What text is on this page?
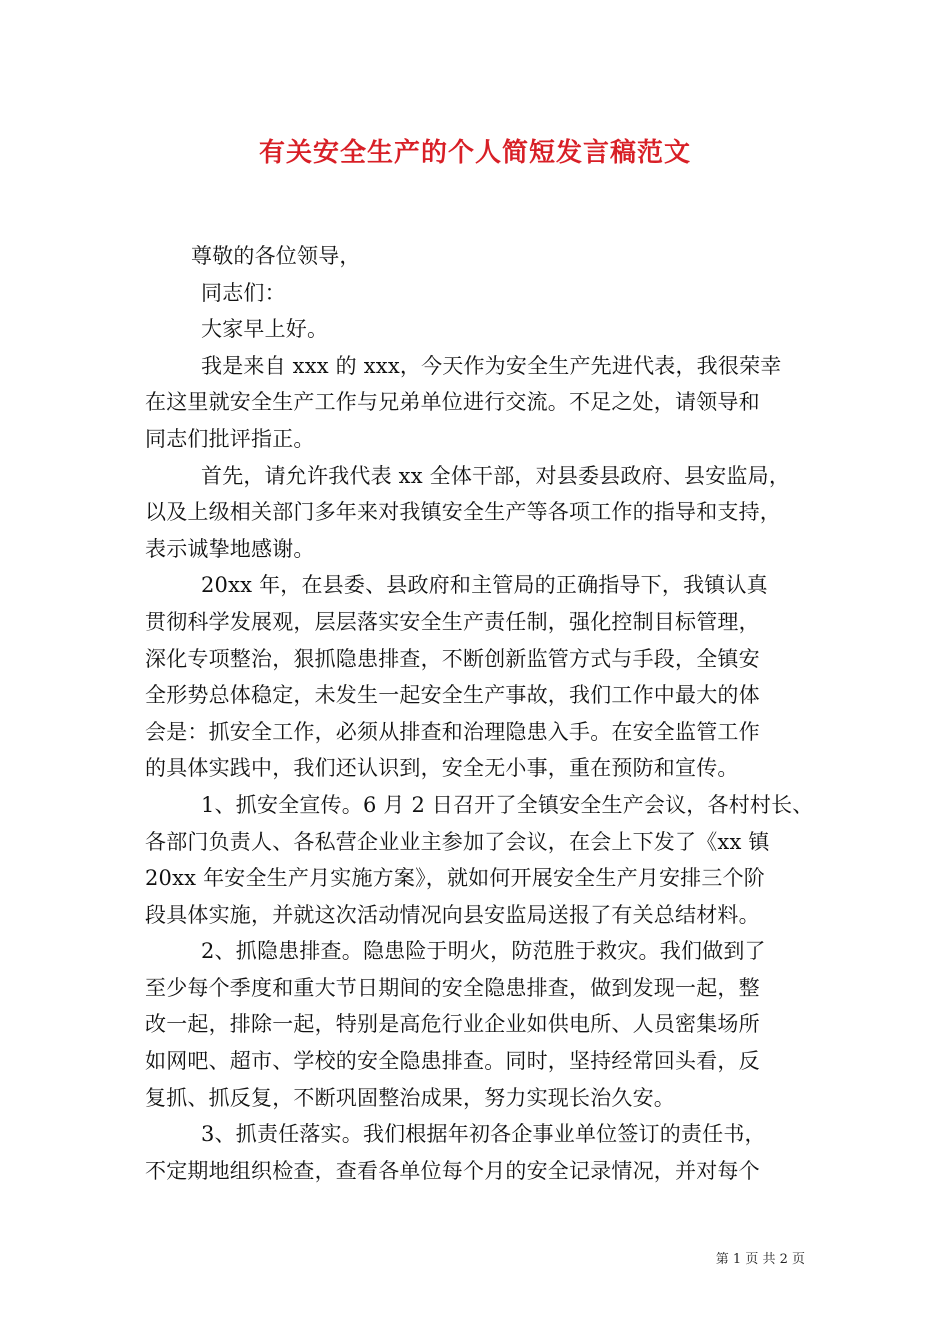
有关安全生产的个人简短发言稿范文
尊敬的各位领导，
同志们：
大家早上好。
我是来自 xxx 的 xxx，今天作为安全生产先进代表，我很荣幸
在这里就安全生产工作与兄弟单位进行交流。不足之处，请领导和
同志们批评指正。
首先，请允许我代表 xx 全体干部，对县委县政府、县安监局，
以及上级相关部门多年来对我镇安全生产等各项工作的指导和支持，
表示诚挚地感谢。
20xx 年，在县委、县政府和主管局的正确指导下，我镇认真
贯彻科学发展观，层层落实安全生产责任制，强化控制目标管理，
深化专项整治，狠抓隐患排查，不断创新监管方式与手段，全镇安
全形势总体稳定，未发生一起安全生产事故，我们工作中最大的体
会是：抓安全工作，必须从排查和治理隐患入手。在安全监管工作
的具体实践中，我们还认识到，安全无小事，重在预防和宣传。
1、抓安全宣传。6 月 2 日召开了全镇安全生产会议，各村村长、
各部门负责人、各私营企业业主参加了会议，在会上下发了《xx 镇
20xx 年安全生产月实施方案》，就如何开展安全生产月安排三个阶
段具体实施，并就这次活动情况向县安监局送报了有关总结材料。
2、抓隐患排查。隐患险于明火，防范胜于救灾。我们做到了
至少每个季度和重大节日期间的安全隐患排查，做到发现一起，整
改一起，排除一起，特别是高危行业企业如供电所、人员密集场所
如网吧、超市、学校的安全隐患排查。同时，坚持经常回头看，反
复抓、抓反复，不断巩固整治成果，努力实现长治久安。
3、抓责任落实。我们根据年初各企事业单位签订的责任书，
不定期地组织检查，查看各单位每个月的安全记录情况，并对每个
第 1 页 共 2 页
